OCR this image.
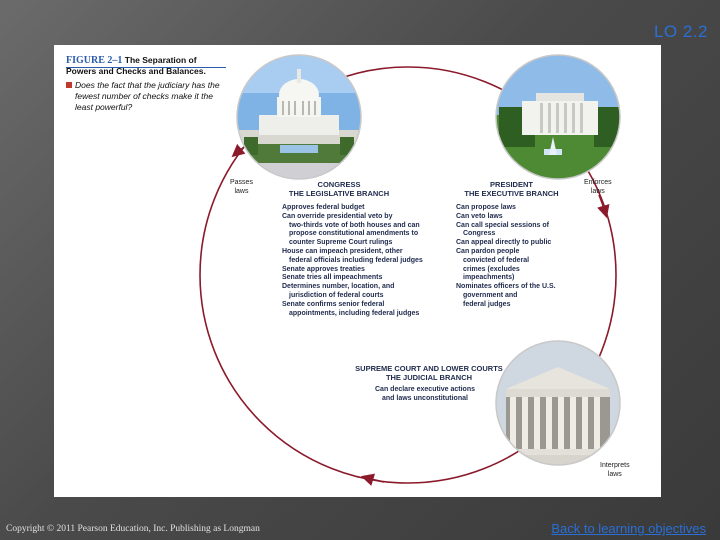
LO 2.2
FIGURE 2–1 The Separation of
Powers and Checks and Balances.
Does the fact that the judiciary has the fewest number of checks make it the least powerful?
Passes
laws
Enforces
laws
Interprets
laws
CONGRESS
THE LEGISLATIVE BRANCH
Approves federal budget
Can override presidential veto by
two-thirds vote of both houses and can
propose constitutional amendments to
counter Supreme Court rulings
House can impeach president, other
federal officials including federal judges
Senate approves treaties
Senate tries all impeachments
Determines number, location, and
jurisdiction of federal courts
Senate confirms senior federal
appointments, including federal judges
PRESIDENT
THE EXECUTIVE BRANCH
Can propose laws
Can veto laws
Can call special sessions of
Congress
Can appeal directly to public
Can pardon people
convicted of federal
crimes (excludes
impeachments)
Nominates officers of the U.S.
government and
federal judges
SUPREME COURT AND LOWER COURTS
THE JUDICIAL BRANCH
Can declare executive actions
and laws unconstitutional
Copyright © 2011 Pearson Education, Inc. Publishing as Longman	Back to learning objectives
